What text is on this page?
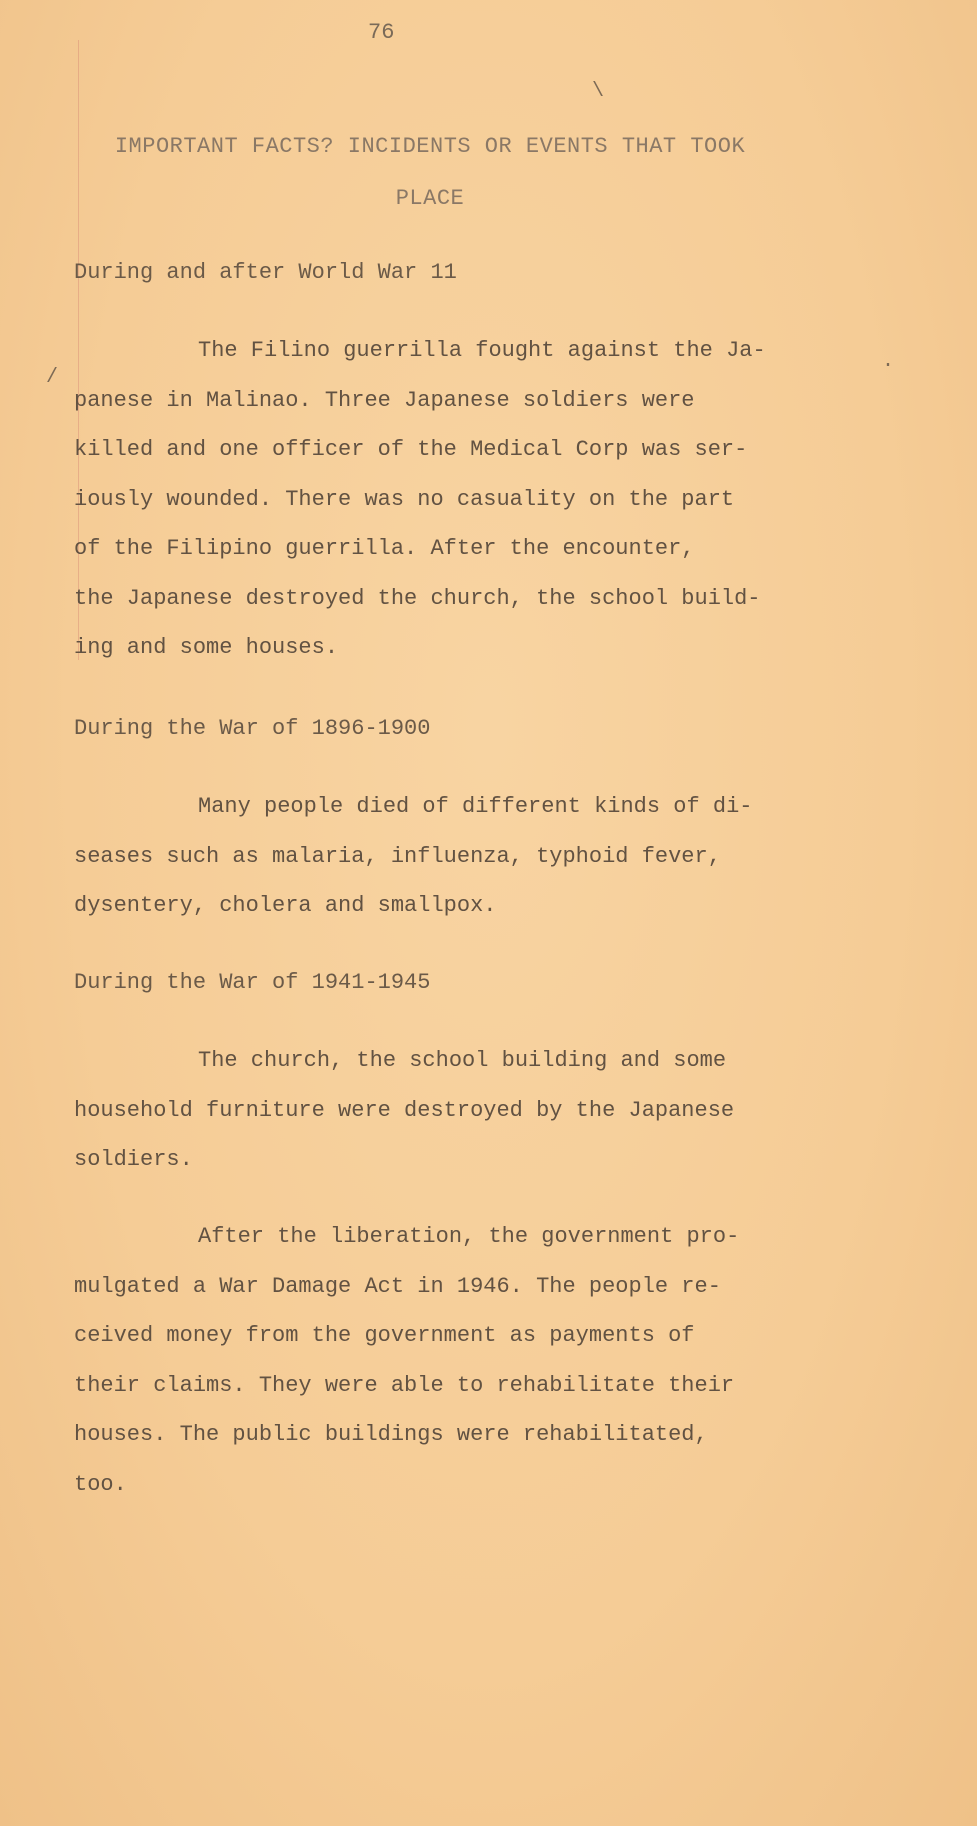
76
IMPORTANT FACTS? INCIDENTS OR EVENTS THAT TOOK
PLACE
During and after World War 11
The Filino guerrilla fought against the Ja-
panese in Malinao. Three Japanese soldiers were
killed and one officer of the Medical Corp was ser-
iously wounded. There was no casuality on the part
of the Filipino guerrilla. After the encounter,
the Japanese destroyed the church, the school build-
ing and some houses.
During the War of 1896-1900
Many people died of different kinds of di-
seases such as malaria, influenza, typhoid fever,
dysentery, cholera and smallpox.
During the War of 1941-1945
The church, the school building and some
household furniture were destroyed by the Japanese
soldiers.
After the liberation, the government pro-
mulgated a War Damage Act in 1946. The people re-
ceived money from the government as payments of
their claims. They were able to rehabilitate their
houses. The public buildings were rehabilitated,
too.
/
\
.
